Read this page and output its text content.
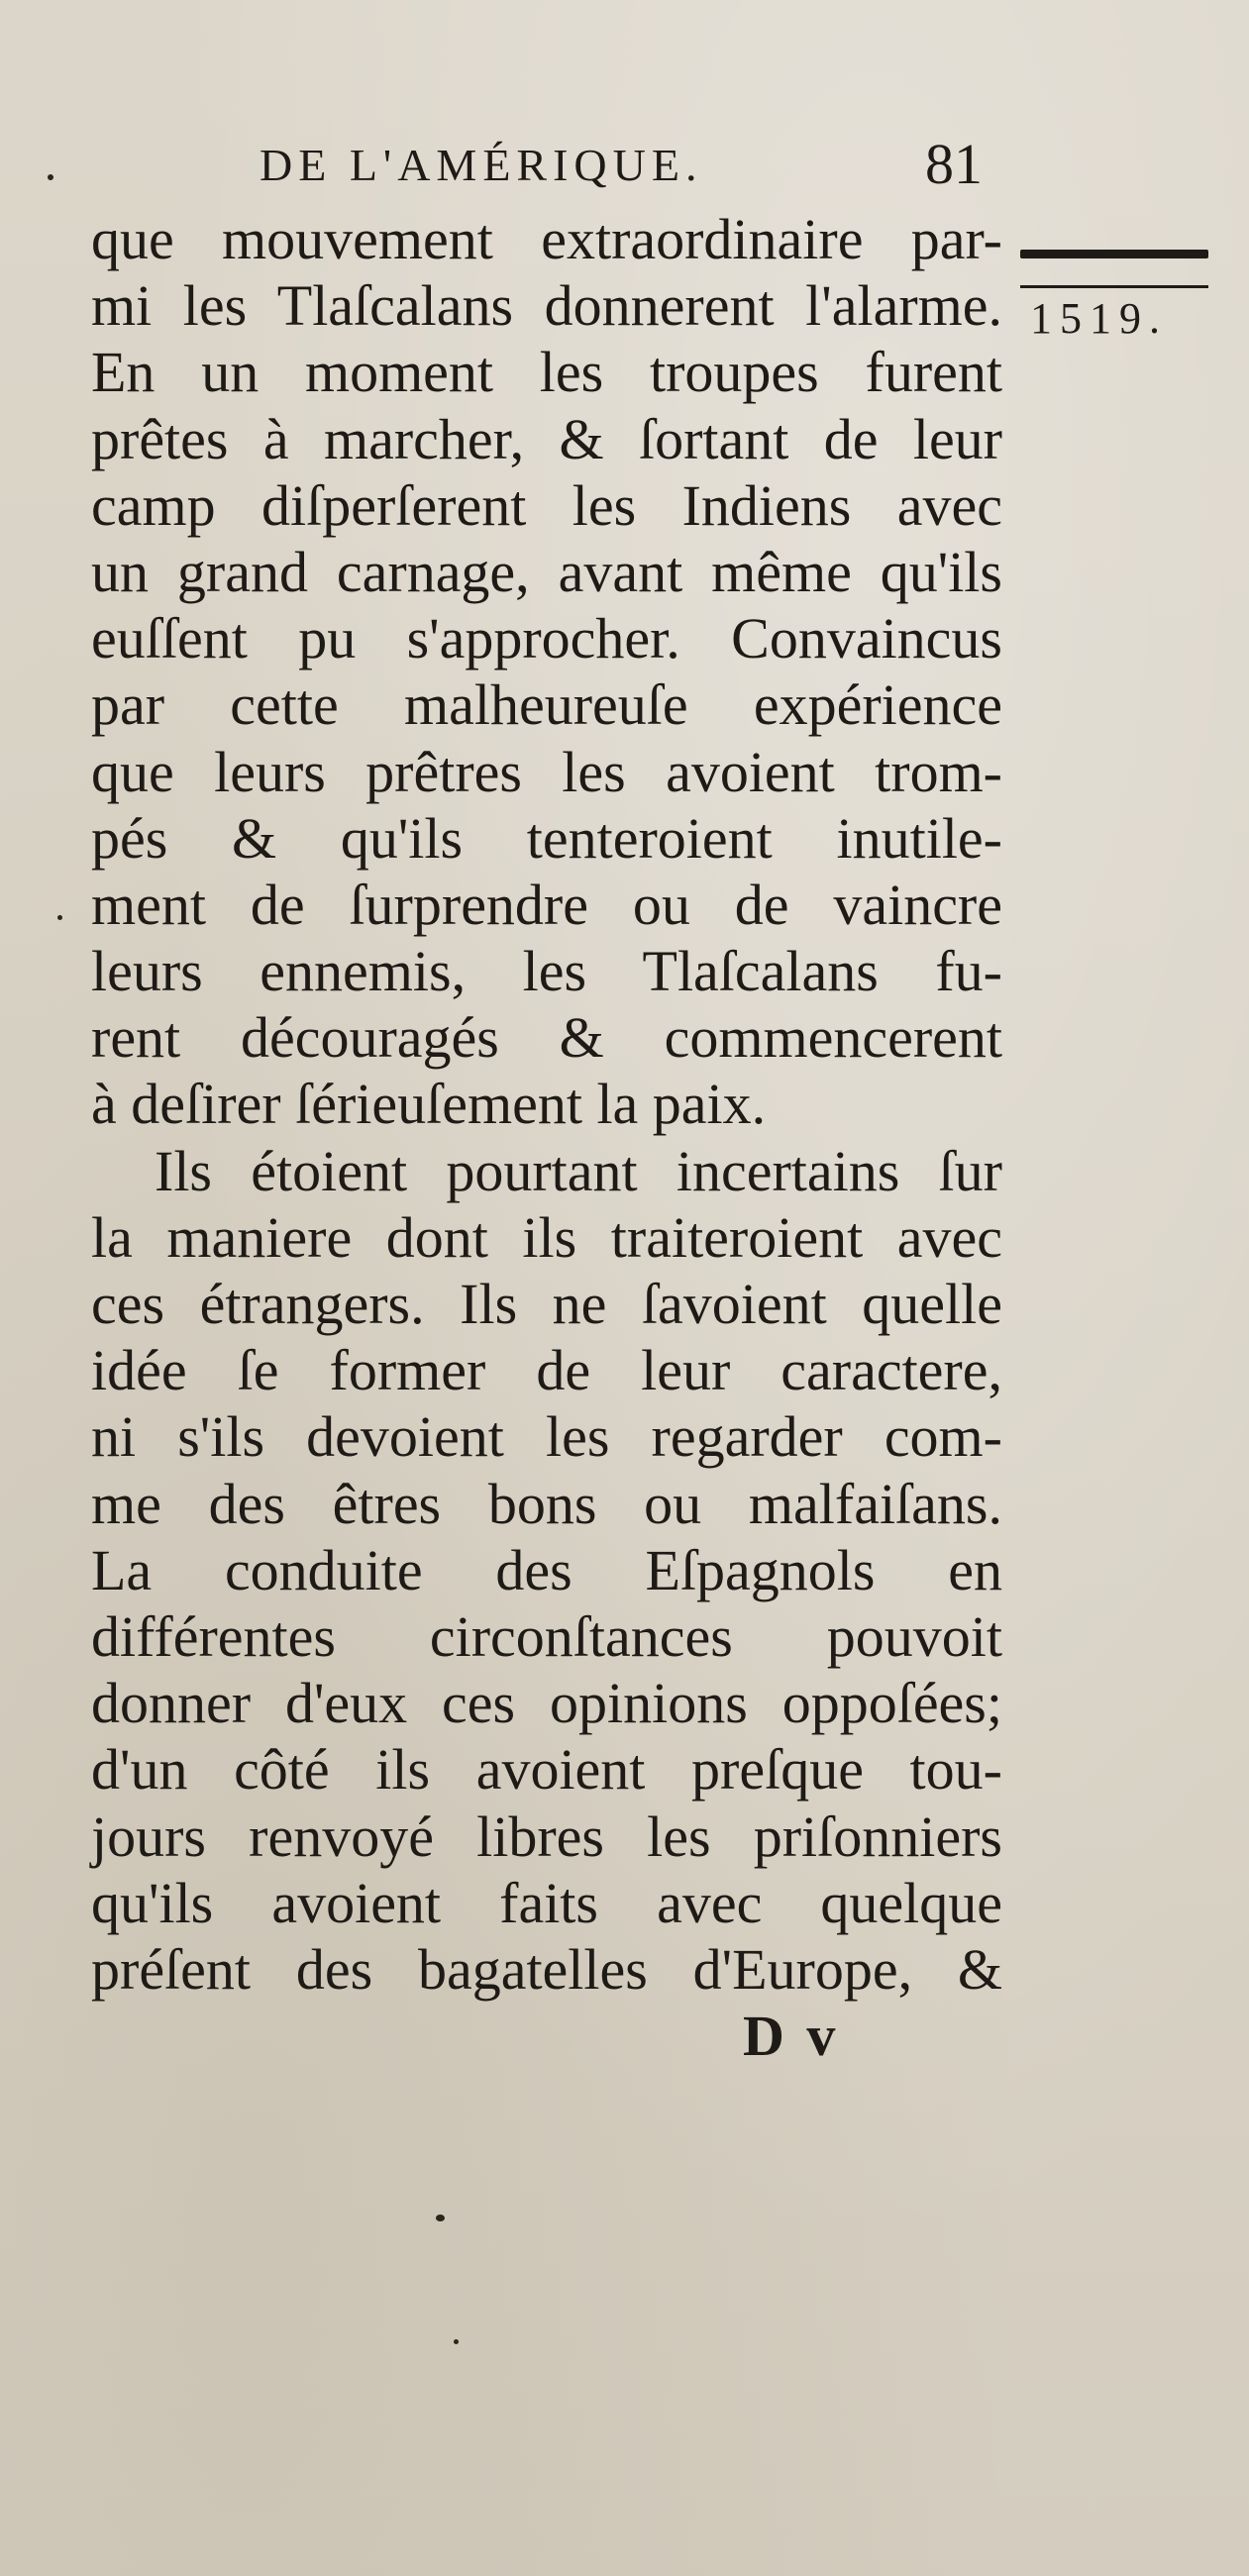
DE L'AMÉRIQUE.	81
1519.
que mouvement extraordinaire par-
mi les Tlaſcalans donnerent l'alarme.
En un moment les troupes furent
prêtes à marcher, & ſortant de leur
camp diſperſerent les Indiens avec
un grand carnage, avant même qu'ils
euſſent pu s'approcher. Convaincus
par cette malheureuſe expérience
que leurs prêtres les avoient trom-
pés & qu'ils tenteroient inutile-
ment de ſurprendre ou de vaincre
leurs ennemis, les Tlaſcalans fu-
rent découragés & commencerent
à deſirer ſérieuſement la paix.
Ils étoient pourtant incertains ſur
la maniere dont ils traiteroient avec
ces étrangers. Ils ne ſavoient quelle
idée ſe former de leur caractere,
ni s'ils devoient les regarder com-
me des êtres bons ou malfaiſans.
La conduite des Eſpagnols en
différentes circonſtances pouvoit
donner d'eux ces opinions oppoſées;
d'un côté ils avoient preſque tou-
jours renvoyé libres les priſonniers
qu'ils avoient faits avec quelque
préſent des bagatelles d'Europe, &
D v
